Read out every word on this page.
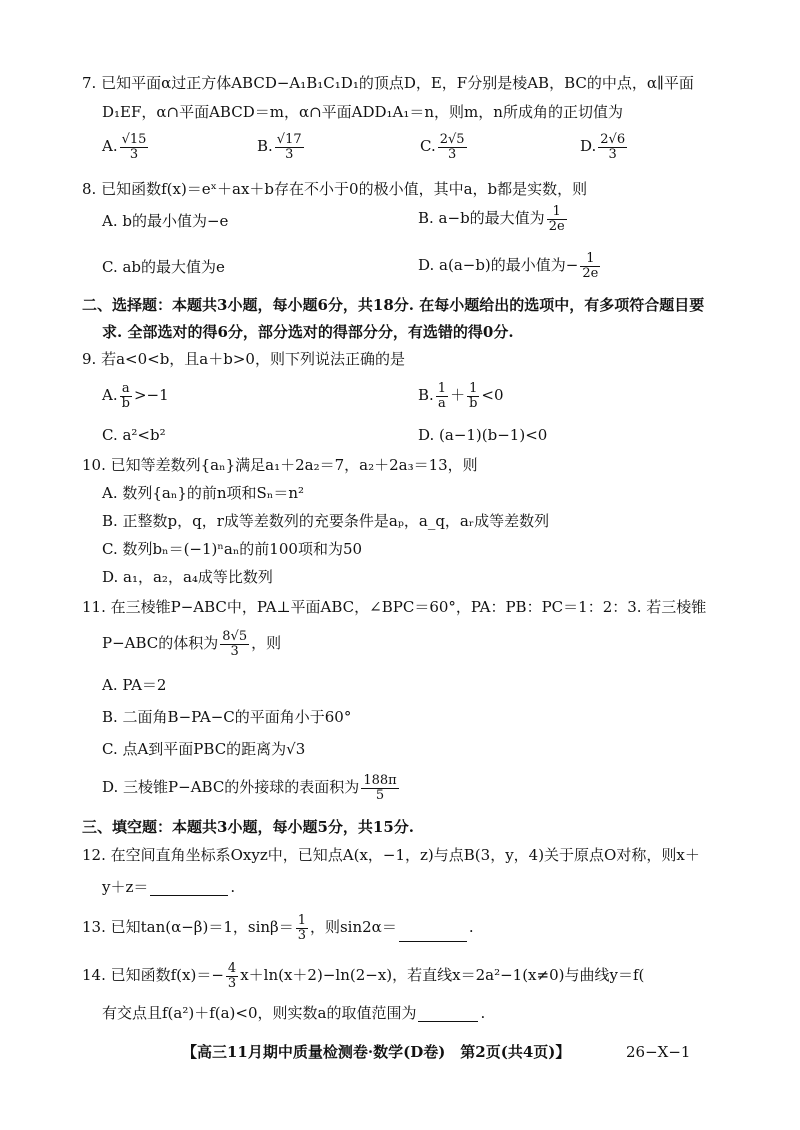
7. 已知平面α过正方体ABCD−A₁B₁C₁D₁的顶点D，E，F分别是棱AB，BC的中点，α∥平面
D₁EF，α∩平面ABCD＝m，α∩平面ADD₁A₁＝n，则m，n所成角的正切值为
A. $\frac{√15}{3}$	B. $\frac{√17}{3}$	C. $\frac{2√5}{3}$	D. $\frac{2√6}{3}$
8. 已知函数f(x)＝eˣ＋ax＋b存在不小于0的极小值，其中a，b都是实数，则
A. b的最小值为−e	B. a−b的最大值为 $\frac{1}{2e}$
C. ab的最大值为e	D. a(a−b)的最小值为− $\frac{1}{2e}$
二、选择题：本题共3小题，每小题6分，共18分. 在每小题给出的选项中，有多项符合题目要
求. 全部选对的得6分，部分选对的得部分分，有选错的得0分.
9. 若a<0<b，且a＋b>0，则下列说法正确的是
A. $\frac{a}{b} >-1$	B. $\frac{1}{a} + \frac{1}{b} <0$
C. a²<b²	D. (a−1)(b−1)<0
10. 已知等差数列{aₙ}满足a₁＋2a₂＝7，a₂＋2a₃＝13，则
A. 数列{aₙ}的前n项和Sₙ＝n²
B. 正整数p，q，r成等差数列的充要条件是aₚ，a_q，aᵣ成等差数列
C. 数列bₙ＝(−1)ⁿaₙ的前100项和为50
D. a₁，a₂，a₄成等比数列
11. 在三棱锥P−ABC中，PA⊥平面ABC，∠BPC＝60°，PA：PB：PC＝1：2：3. 若三棱锥
P−ABC的体积为 $\frac{8√5}{3}$ ，则
A. PA＝2
B. 二面角B−PA−C的平面角小于60°
C. 点A到平面PBC的距离为√3
D. 三棱锥P−ABC的外接球的表面积为 $\frac{188\pi}{5}$
三、填空题：本题共3小题，每小题5分，共15分.
12. 在空间直角坐标系Oxyz中，已知点A(x，−1，z)与点B(3，y，4)关于原点O对称，则x＋
y＋z＝	.
13. 已知tan(α−β)＝1，$\sin\beta= \frac{1}{3}$ ，则sin2α＝	.
14. 已知函数$f(x)=- \frac{4}{3} x+\ln(x+2)-\ln(2-x)$，若直线x＝2a²−1(x≠0)与曲线y＝f(
有交点且f(a²)＋f(a)<0，则实数a的取值范围为	.
【高三11月期中质量检测卷·数学(D卷)　第2页(共4页)】	26−X−1
